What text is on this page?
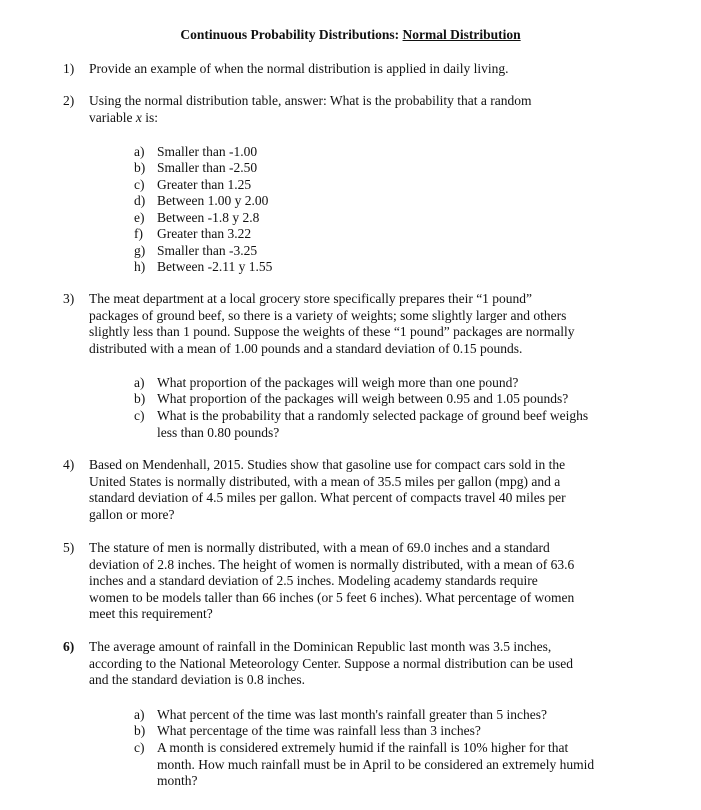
Continuous Probability Distributions: Normal Distribution
1) Provide an example of when the normal distribution is applied in daily living.
2) Using the normal distribution table, answer: What is the probability that a random
variable x is:
a) Smaller than -1.00
b) Smaller than -2.50
c) Greater than 1.25
d) Between 1.00 y 2.00
e) Between -1.8 y 2.8
f) Greater than 3.22
g) Smaller than -3.25
h) Between -2.11 y 1.55
3) The meat department at a local grocery store specifically prepares their “1 pound”
packages of ground beef, so there is a variety of weights; some slightly larger and others
slightly less than 1 pound. Suppose the weights of these “1 pound” packages are normally
distributed with a mean of 1.00 pounds and a standard deviation of 0.15 pounds.
a) What proportion of the packages will weigh more than one pound?
b) What proportion of the packages will weigh between 0.95 and 1.05 pounds?
c) What is the probability that a randomly selected package of ground beef weighs
less than 0.80 pounds?
4) Based on Mendenhall, 2015. Studies show that gasoline use for compact cars sold in the
United States is normally distributed, with a mean of 35.5 miles per gallon (mpg) and a
standard deviation of 4.5 miles per gallon. What percent of compacts travel 40 miles per
gallon or more?
5) The stature of men is normally distributed, with a mean of 69.0 inches and a standard
deviation of 2.8 inches. The height of women is normally distributed, with a mean of 63.6
inches and a standard deviation of 2.5 inches. Modeling academy standards require
women to be models taller than 66 inches (or 5 feet 6 inches). What percentage of women
meet this requirement?
6) The average amount of rainfall in the Dominican Republic last month was 3.5 inches,
according to the National Meteorology Center. Suppose a normal distribution can be used
and the standard deviation is 0.8 inches.
a) What percent of the time was last month's rainfall greater than 5 inches?
b) What percentage of the time was rainfall less than 3 inches?
c) A month is considered extremely humid if the rainfall is 10% higher for that
month. How much rainfall must be in April to be considered an extremely humid
month?
